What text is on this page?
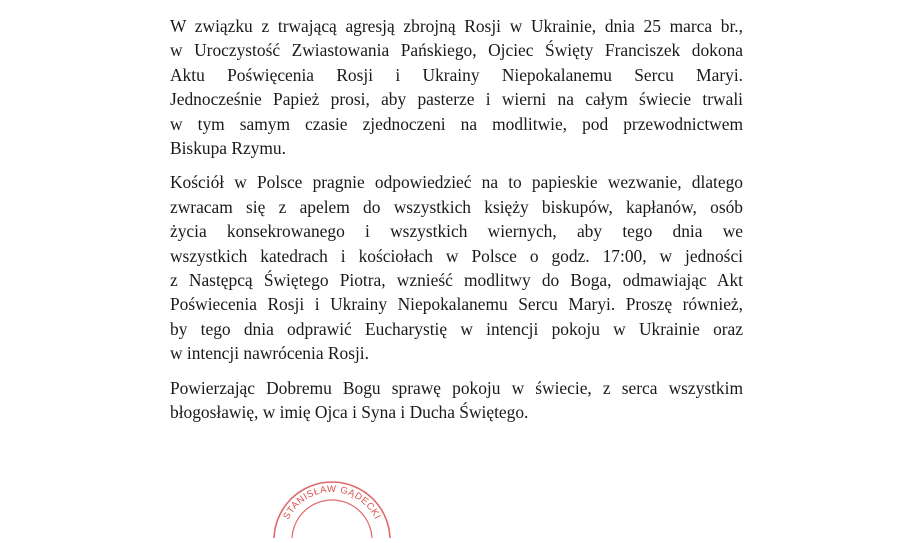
W związku z trwającą agresją zbrojną Rosji w Ukrainie, dnia 25 marca br.,
w Uroczystość Zwiastowania Pańskiego, Ojciec Święty Franciszek dokona
Aktu Poświęcenia Rosji i Ukrainy Niepokalanemu Sercu Maryi.
Jednocześnie Papież prosi, aby pasterze i wierni na całym świecie trwali
w tym samym czasie zjednoczeni na modlitwie, pod przewodnictwem
Biskupa Rzymu.
Kościół w Polsce pragnie odpowiedzieć na to papieskie wezwanie, dlatego
zwracam się z apelem do wszystkich księży biskupów, kapłanów, osób
życia konsekrowanego i wszystkich wiernych, aby tego dnia we
wszystkich katedrach i kościołach w Polsce o godz. 17:00, w jedności
z Następcą Świętego Piotra, wznieść modlitwy do Boga, odmawiając Akt
Poświecenia Rosji i Ukrainy Niepokalanemu Sercu Maryi. Proszę również,
by tego dnia odprawić Eucharystię w intencji pokoju w Ukrainie oraz
w intencji nawrócenia Rosji.
Powierzając Dobremu Bogu sprawę pokoju w świecie, z serca wszystkim
błogosławię, w imię Ojca i Syna i Ducha Świętego.
STANISŁAW GĄDECKI
